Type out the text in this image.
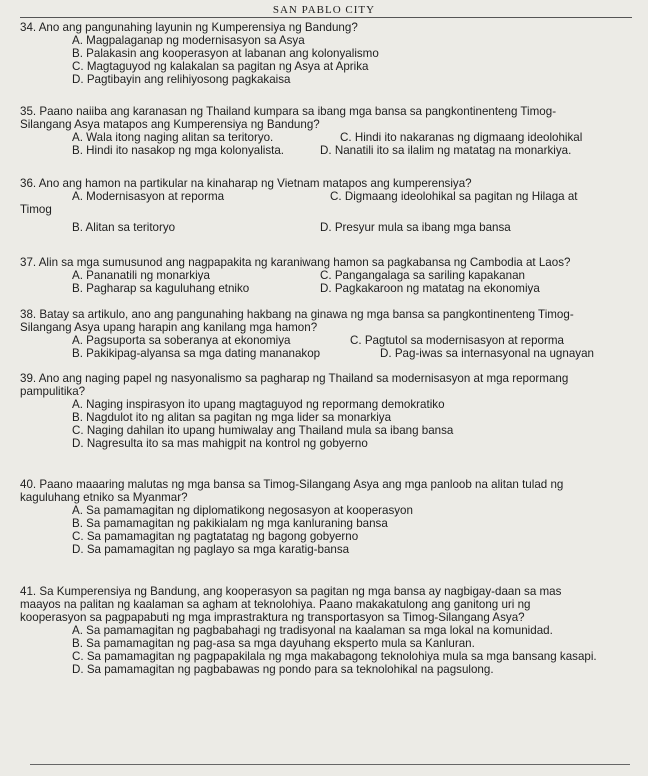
SAN PABLO CITY

34. Ano ang pangunahing layunin ng Kumperensiya ng Bandung?

A. Magpalaganap ng modernisasyon sa Asya
B. Palakasin ang kooperasyon at labanan ang kolonyalismo
C. Magtaguyod ng kalakalan sa pagitan ng Asya at Aprika
D. Pagtibayin ang relihiyosong pagkakaisa

35. Paano naiiba ang karanasan ng Thailand kumpara sa ibang mga bansa sa pangkontinenteng Timog-

Silangang Asya matapos ang Kumperensiya ng Bandung?

A. Wala itong naging alitan sa teritoryo.	C. Hindi ito nakaranas ng digmaang ideolohikal
B. Hindi ito nasakop ng mga kolonyalista.	D. Nanatili ito sa ilalim ng matatag na monarkiya.

36. Ano ang hamon na partikular na kinaharap ng Vietnam matapos ang kumperensiya?

A. Modernisasyon at reporma	C. Digmaang ideolohikal sa pagitan ng Hilaga at
Timog
B. Alitan sa teritoryo	D. Presyur mula sa ibang mga bansa

37. Alin sa mga sumusunod ang nagpapakita ng karaniwang hamon sa pagkabansa ng Cambodia at Laos?

A. Pananatili ng monarkiya	C. Pangangalaga sa sariling kapakanan
B. Pagharap sa kaguluhang etniko	D. Pagkakaroon ng matatag na ekonomiya

38. Batay sa artikulo, ano ang pangunahing hakbang na ginawa ng mga bansa sa pangkontinenteng Timog-

Silangang Asya upang harapin ang kanilang mga hamon?

A. Pagsuporta sa soberanya at ekonomiya	C. Pagtutol sa modernisasyon at reporma
B. Pakikipag-alyansa sa mga dating mananakop	D. Pag-iwas sa internasyonal na ugnayan

39. Ano ang naging papel ng nasyonalismo sa pagharap ng Thailand sa modernisasyon at mga repormang

pampulitika?

A. Naging inspirasyon ito upang magtaguyod ng repormang demokratiko
B. Nagdulot ito ng alitan sa pagitan ng mga lider sa monarkiya
C. Naging dahilan ito upang humiwalay ang Thailand mula sa ibang bansa
D. Nagresulta ito sa mas mahigpit na kontrol ng gobyerno

40. Paano maaaring malutas ng mga bansa sa Timog-Silangang Asya ang mga panloob na alitan tulad ng

kaguluhang etniko sa Myanmar?

A. Sa pamamagitan ng diplomatikong negosasyon at kooperasyon
B. Sa pamamagitan ng pakikialam ng mga kanluraning bansa
C. Sa pamamagitan ng pagtatatag ng bagong gobyerno
D. Sa pamamagitan ng paglayo sa mga karatig-bansa

41. Sa Kumperensiya ng Bandung, ang kooperasyon sa pagitan ng mga bansa ay nagbigay-daan sa mas

maayos na palitan ng kaalaman sa agham at teknolohiya. Paano makakatulong ang ganitong uri ng

kooperasyon sa pagpapabuti ng mga imprastraktura ng transportasyon sa Timog-Silangang Asya?

A. Sa pamamagitan ng pagbabahagi ng tradisyonal na kaalaman sa mga lokal na komunidad.
B. Sa pamamagitan ng pag-asa sa mga dayuhang eksperto mula sa Kanluran.
C. Sa pamamagitan ng pagpapakilala ng mga makabagong teknolohiya mula sa mga bansang kasapi.
D. Sa pamamagitan ng pagbabawas ng pondo para sa teknolohikal na pagsulong.
